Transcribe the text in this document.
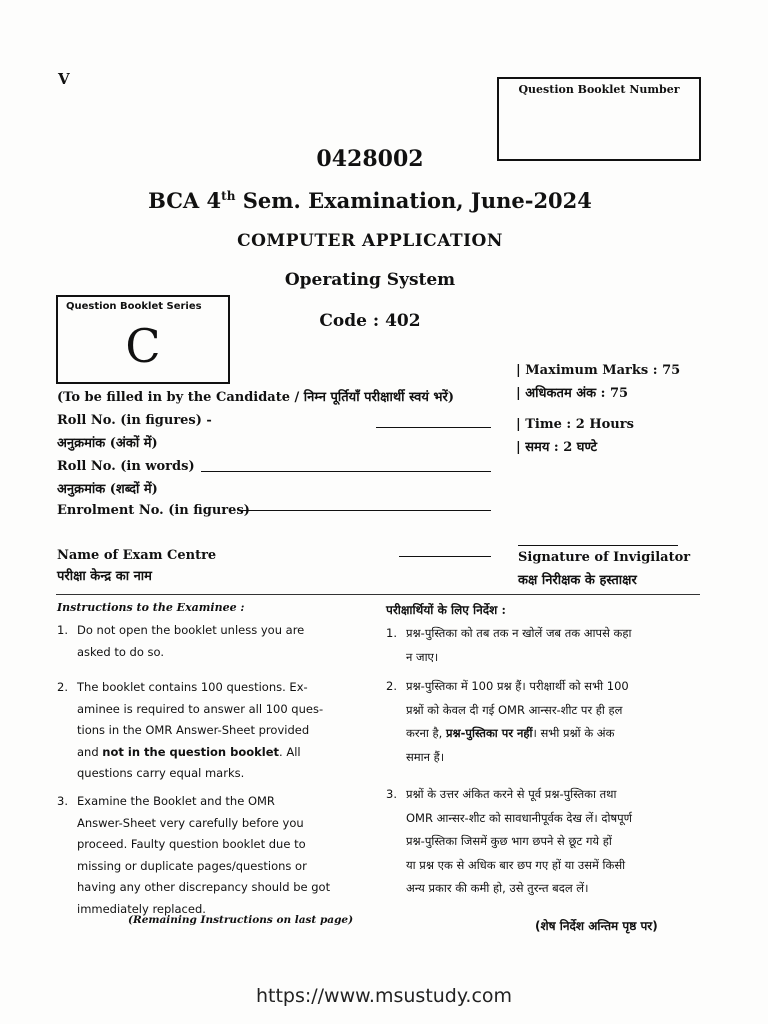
V
Question Booklet Number
0428002
BCA 4th Sem. Examination, June-2024
COMPUTER APPLICATION
Operating System
Code : 402
Question Booklet Series
C	| Maximum Marks : 75
| अधिकतम अंक : 75
| Time : 2 Hours
| समय : 2 घण्टे
(To be filled in by the Candidate / निम्न पूर्तियाँ परीक्षार्थी स्वयं भरें)
Roll No. (in figures) -
अनुक्रमांक (अंकों में)
Roll No. (in words)
अनुक्रमांक (शब्दों में)
Enrolment No. (in figures)
Name of Exam Centre
परीक्षा केन्द्र का नाम
Signature of Invigilator
कक्ष निरीक्षक के हस्ताक्षर
Instructions to the Examinee :	परीक्षार्थियों के लिए निर्देश :
1. Do not open the booklet unless you are
asked to do so.
2. The booklet contains 100 questions. Ex-
aminee is required to answer all 100 ques-
tions in the OMR Answer-Sheet provided
and not in the question booklet. All
questions carry equal marks.
3. Examine the Booklet and the OMR
Answer-Sheet very carefully before you
proceed. Faulty question booklet due to
missing or duplicate pages/questions or
having any other discrepancy should be got
immediately replaced.
1. प्रश्न-पुस्तिका को तब तक न खोलें जब तक आपसे कहा
न जाए।
2. प्रश्न-पुस्तिका में 100 प्रश्न हैं। परीक्षार्थी को सभी 100
प्रश्नों को केवल दी गई OMR आन्सर-शीट पर ही हल
करना है, प्रश्न-पुस्तिका पर नहीं। सभी प्रश्नों के अंक
समान हैं।
3. प्रश्नों के उत्तर अंकित करने से पूर्व प्रश्न-पुस्तिका तथा
OMR आन्सर-शीट को सावधानीपूर्वक देख लें। दोषपूर्ण
प्रश्न-पुस्तिका जिसमें कुछ भाग छपने से छूट गये हों
या प्रश्न एक से अधिक बार छप गए हों या उसमें किसी
अन्य प्रकार की कमी हो, उसे तुरन्त बदल लें।
(Remaining Instructions on last page)	(शेष निर्देश अन्तिम पृष्ठ पर)
https://www.msustudy.com
